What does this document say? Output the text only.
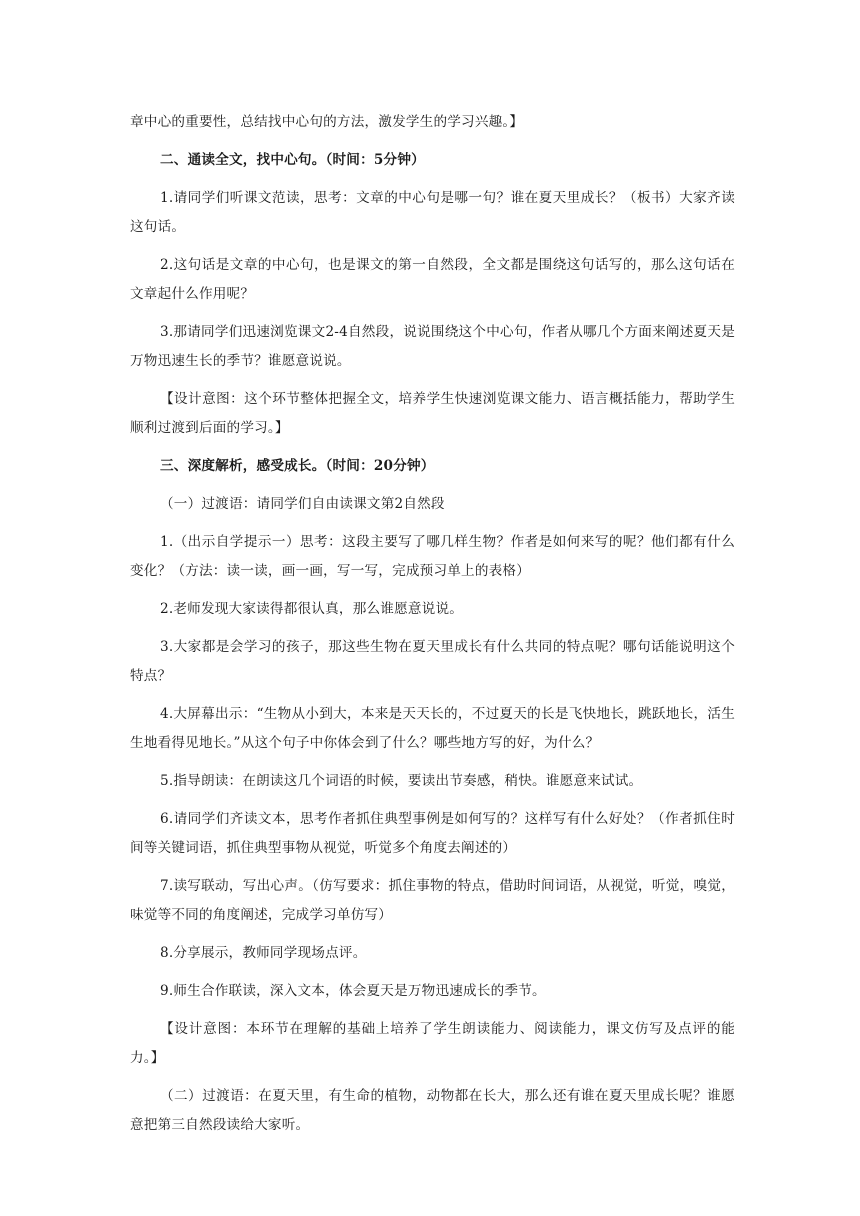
章中心的重要性，总结找中心句的方法，激发学生的学习兴趣。】

二、通读全文，找中心句。（时间：5分钟）

1.请同学们听课文范读，思考：文章的中心句是哪一句？谁在夏天里成长？（板书）大家齐读这句话。

2.这句话是文章的中心句，也是课文的第一自然段，全文都是围绕这句话写的，那么这句话在文章起什么作用呢？

3.那请同学们迅速浏览课文2-4自然段，说说围绕这个中心句，作者从哪几个方面来阐述夏天是万物迅速生长的季节？谁愿意说说。

【设计意图：这个环节整体把握全文，培养学生快速浏览课文能力、语言概括能力，帮助学生顺利过渡到后面的学习。】

三、深度解析，感受成长。（时间：20分钟）

（一）过渡语：请同学们自由读课文第2自然段

1.（出示自学提示一）思考：这段主要写了哪几样生物？作者是如何来写的呢？他们都有什么变化？（方法：读一读，画一画，写一写，完成预习单上的表格）

2.老师发现大家读得都很认真，那么谁愿意说说。

3.大家都是会学习的孩子，那这些生物在夏天里成长有什么共同的特点呢？哪句话能说明这个特点？

4.大屏幕出示：“生物从小到大，本来是天天长的，不过夏天的长是飞快地长，跳跃地长，活生生地看得见地长。”从这个句子中你体会到了什么？哪些地方写的好，为什么？

5.指导朗读：在朗读这几个词语的时候，要读出节奏感，稍快。谁愿意来试试。

6.请同学们齐读文本，思考作者抓住典型事例是如何写的？这样写有什么好处？（作者抓住时间等关键词语，抓住典型事物从视觉，听觉多个角度去阐述的）

7.读写联动，写出心声。（仿写要求：抓住事物的特点，借助时间词语，从视觉，听觉，嗅觉，味觉等不同的角度阐述，完成学习单仿写）

8.分享展示，教师同学现场点评。

9.师生合作联读，深入文本，体会夏天是万物迅速成长的季节。

【设计意图：本环节在理解的基础上培养了学生朗读能力、阅读能力，课文仿写及点评的能力。】

（二）过渡语：在夏天里，有生命的植物，动物都在长大，那么还有谁在夏天里成长呢？谁愿意把第三自然段读给大家听。
